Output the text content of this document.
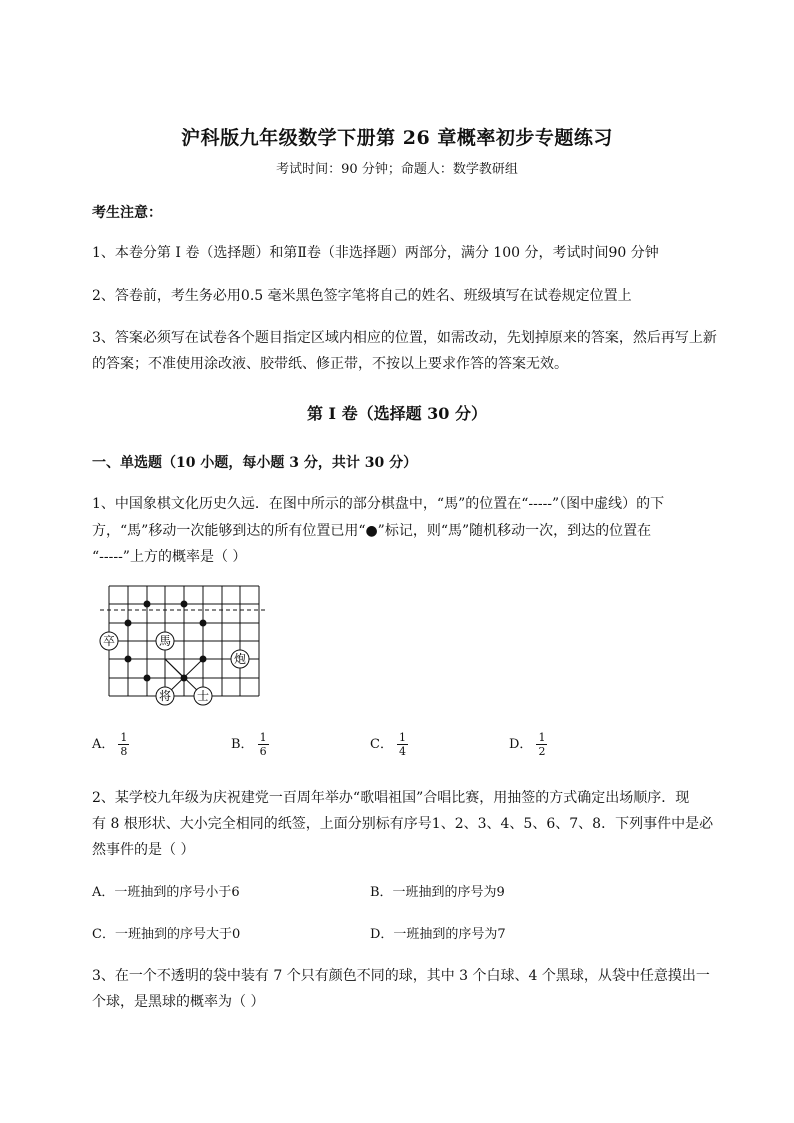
沪科版九年级数学下册第 26 章概率初步专题练习
考试时间：90 分钟；命题人：数学教研组
考生注意：
1、本卷分第 I 卷（选择题）和第Ⅱ卷（非选择题）两部分，满分 100 分，考试时间90 分钟
2、答卷前，考生务必用0.5 毫米黑色签字笔将自己的姓名、班级填写在试卷规定位置上
3、答案必须写在试卷各个题目指定区域内相应的位置，如需改动，先划掉原来的答案，然后再写上新
的答案；不准使用涂改液、胶带纸、修正带，不按以上要求作答的答案无效。
第 I 卷（选择题 30 分）
一、单选题（10 小题，每小题 3 分，共计 30 分）
1、中国象棋文化历史久远．在图中所示的部分棋盘中，“馬”的位置在“-----”（图中虚线）的下
方，“馬”移动一次能够到达的所有位置已用“●”标记，则“馬”随机移动一次，到达的位置在
“-----”上方的概率是（ ）
卒	馬
炮
将 士
A． $\frac{1}{8}$	B． $\frac{1}{6}$	C． $\frac{1}{4}$	D． $\frac{1}{2}$
2、某学校九年级为庆祝建党一百周年举办“歌唱祖国”合唱比赛，用抽签的方式确定出场顺序．现
有 8 根形状、大小完全相同的纸签，上面分别标有序号1、2、3、4、5、6、7、8．下列事件中是必
然事件的是（ ）
A．一班抽到的序号小于6	B．一班抽到的序号为9
C．一班抽到的序号大于0	D．一班抽到的序号为7
3、在一个不透明的袋中装有 7 个只有颜色不同的球，其中 3 个白球、4 个黑球，从袋中任意摸出一
个球，是黑球的概率为（ ）
